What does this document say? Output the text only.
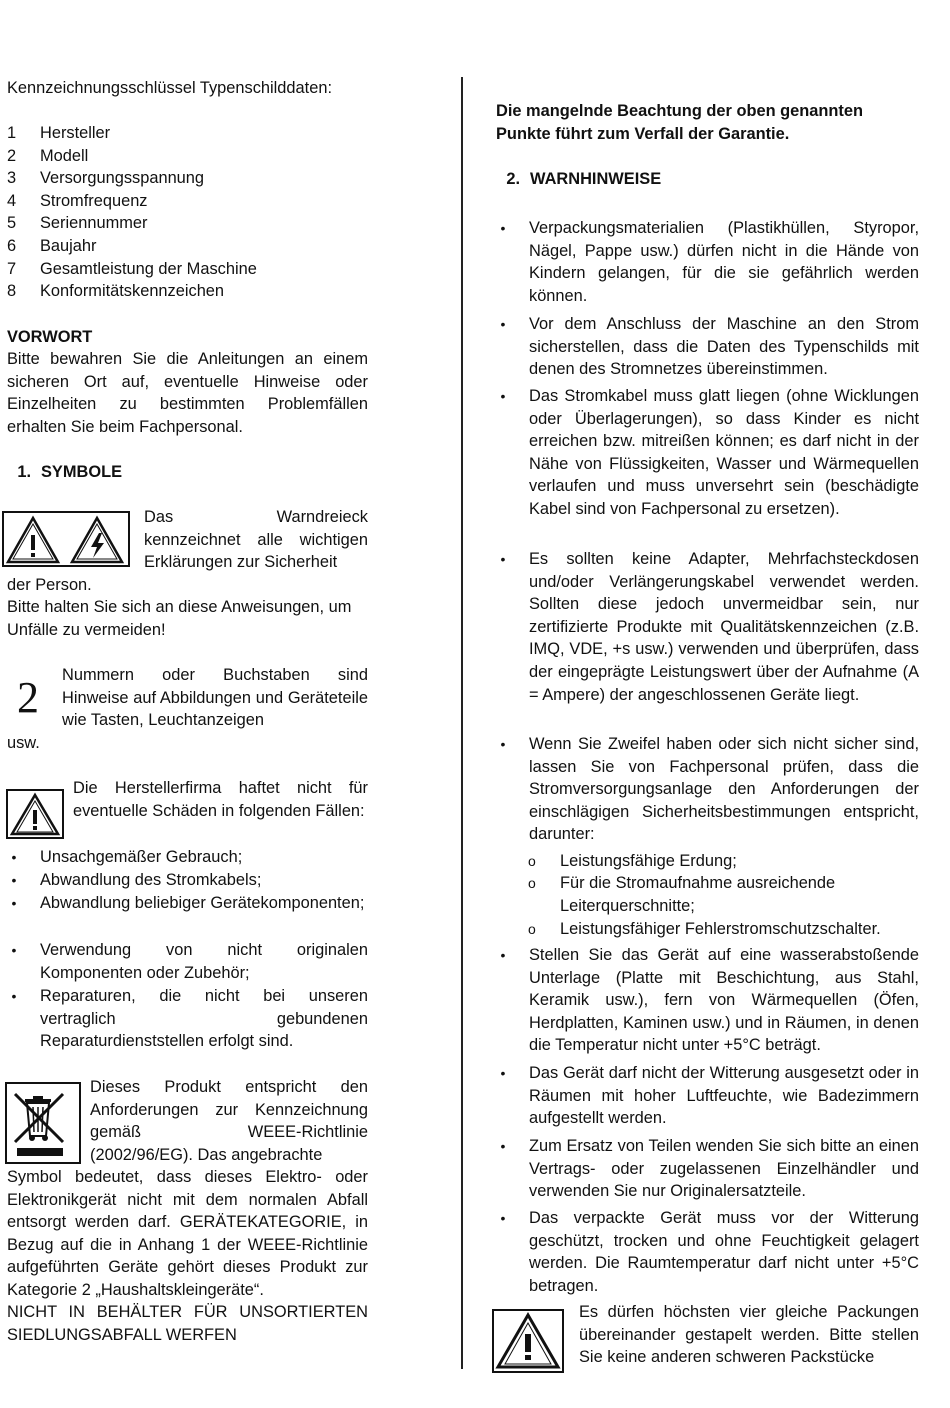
Kennzeichnungsschlüssel Typenschilddaten:

1	Hersteller
2	Modell
3	Versorgungsspannung
4	Stromfrequenz
5	Seriennummer
6	Baujahr
7	Gesamtleistung der Maschine
8	Konformitätskennzeichen

VORWORT

Bitte bewahren Sie die Anleitungen an einem sicheren Ort auf, eventuelle Hinweise oder Einzelheiten zu bestimmten Problemfällen erhalten Sie beim Fachpersonal.

1. SYMBOLE

Das Warndreieck kennzeichnet alle wichtigen Erklärungen zur Sicherheit

der Person.

Bitte halten Sie sich an diese Anweisungen, um Unfälle zu vermeiden!

2 Nummern oder Buchstaben sind Hinweise auf Abbildungen und Geräteteile wie Tasten, Leuchtanzeigen

usw.

Die Herstellerfirma haftet nicht für eventuelle Schäden in folgenden Fällen:

• Unsachgemäßer Gebrauch;
• Abwandlung des Stromkabels;
• Abwandlung beliebiger Gerätekomponenten;
• Verwendung von nicht originalen Komponenten oder Zubehör;
• Reparaturen, die nicht bei unseren vertraglich gebundenen Reparaturdienststellen erfolgt sind.

Dieses Produkt entspricht den Anforderungen zur Kennzeichnung gemäß WEEE-Richtlinie (2002/96/EG). Das angebrachte

Symbol bedeutet, dass dieses Elektro- oder Elektronikgerät nicht mit dem normalen Abfall entsorgt werden darf. GERÄTEKATEGORIE, in Bezug auf die in Anhang 1 der WEEE-Richtlinie aufgeführten Geräte gehört dieses Produkt zur Kategorie 2 „Haushaltskleingeräte“.

NICHT IN BEHÄLTER FÜR UNSORTIERTEN SIEDLUNGSABFALL WERFEN

Die mangelnde Beachtung der oben genannten Punkte führt zum Verfall der Garantie.

2. WARNHINWEISE

• Verpackungsmaterialien (Plastikhüllen, Styropor, Nägel, Pappe usw.) dürfen nicht in die Hände von Kindern gelangen, für die sie gefährlich werden können.
• Vor dem Anschluss der Maschine an den Strom sicherstellen, dass die Daten des Typenschilds mit denen des Stromnetzes übereinstimmen.
• Das Stromkabel muss glatt liegen (ohne Wicklungen oder Überlagerungen), so dass Kinder es nicht erreichen bzw. mitreißen können; es darf nicht in der Nähe von Flüssigkeiten, Wasser und Wärmequellen verlaufen und muss unversehrt sein (beschädigte Kabel sind von Fachpersonal zu ersetzen).
• Es sollten keine Adapter, Mehrfachsteckdosen und/oder Verlängerungskabel verwendet werden. Sollten diese jedoch unvermeidbar sein, nur zertifizierte Produkte mit Qualitätskennzeichen (z.B. IMQ, VDE, +s usw.) verwenden und überprüfen, dass der eingeprägte Leistungswert über der Aufnahme (A = Ampere) der angeschlossenen Geräte liegt.
• Wenn Sie Zweifel haben oder sich nicht sicher sind, lassen Sie von Fachpersonal prüfen, dass die Stromversorgungsanlage den Anforderungen der einschlägigen Sicherheitsbestimmungen entspricht, darunter:
o Leistungsfähige Erdung;
o Für die Stromaufnahme ausreichende Leiterquerschnitte;
o Leistungsfähiger Fehlerstromschutzschalter.
• Stellen Sie das Gerät auf eine wasserabstoßende Unterlage (Platte mit Beschichtung, aus Stahl, Keramik usw.), fern von Wärmequellen (Öfen, Herdplatten, Kaminen usw.) und in Räumen, in denen die Temperatur nicht unter +5°C beträgt.
• Das Gerät darf nicht der Witterung ausgesetzt oder in Räumen mit hoher Luftfeuchte, wie Badezimmern aufgestellt werden.
• Zum Ersatz von Teilen wenden Sie sich bitte an einen Vertrags- oder zugelassenen Einzelhändler und verwenden Sie nur Originalersatzteile.
• Das verpackte Gerät muss vor der Witterung geschützt, trocken und ohne Feuchtigkeit gelagert werden. Die Raumtemperatur darf nicht unter +5°C betragen.

Es dürfen höchsten vier gleiche Packungen übereinander gestapelt werden. Bitte stellen Sie keine anderen schweren Packstücke
